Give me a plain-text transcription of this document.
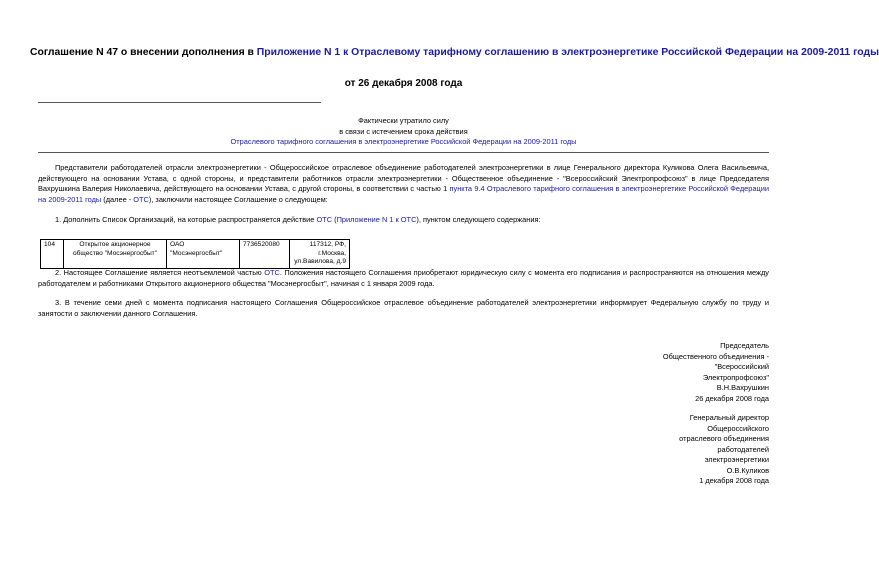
Соглашение N 47 о внесении дополнения в Приложение N 1 к Отраслевому тарифному соглашению в электроэнергетике Российской Федерации на 2009-2011 годы
от 26 декабря 2008 года
Фактически утратило силу
в связи с истечением срока действия
Отраслевого тарифного соглашения в электроэнергетике Российской Федерации на 2009-2011 годы
Представители работодателей отрасли электроэнергетики - Общероссийское отраслевое объединение работодателей электроэнергетики в лице Генерального директора Куликова Олега Васильевича, действующего на основании Устава, с одной стороны, и представители работников отрасли электроэнергетики - Общественное объединение - "Всероссийский Электропрофсоюз" в лице Председателя Вахрушкина Валерия Николаевича, действующего на основании Устава, с другой стороны, в соответствии с частью 1 пункта 9.4 Отраслевого тарифного соглашения в электроэнергетике Российской Федерации на 2009-2011 годы (далее - ОТС), заключили настоящее Соглашение о следующем:
1. Дополнить Список Организаций, на которые распространяется действие ОТС (Приложение N 1 к ОТС), пунктом следующего содержания:
104	Открытое акционерное общество "Мосэнергосбыт"	ОАО "Мосэнергосбыт"	7736520080	117312, РФ, г.Москва, ул.Вавилова, д.9
2. Настоящее Соглашение является неотъемлемой частью ОТС. Положения настоящего Соглашения приобретают юридическую силу с момента его подписания и распространяются на отношения между работодателем и работниками Открытого акционерного общества "Мосэнергосбыт", начиная с 1 января 2009 года.
3. В течение семи дней с момента подписания настоящего Соглашения Общероссийское отраслевое объединение работодателей электроэнергетики информирует Федеральную службу по труду и занятости о заключении данного Соглашения.
Председатель
Общественного объединения -
"Всероссийский
Электропрофсоюз"
В.Н.Вахрушкин
26 декабря 2008 года
Генеральный директор
Общероссийского
отраслевого объединения
работодателей
электроэнергетики
О.В.Куликов
1 декабря 2008 года
